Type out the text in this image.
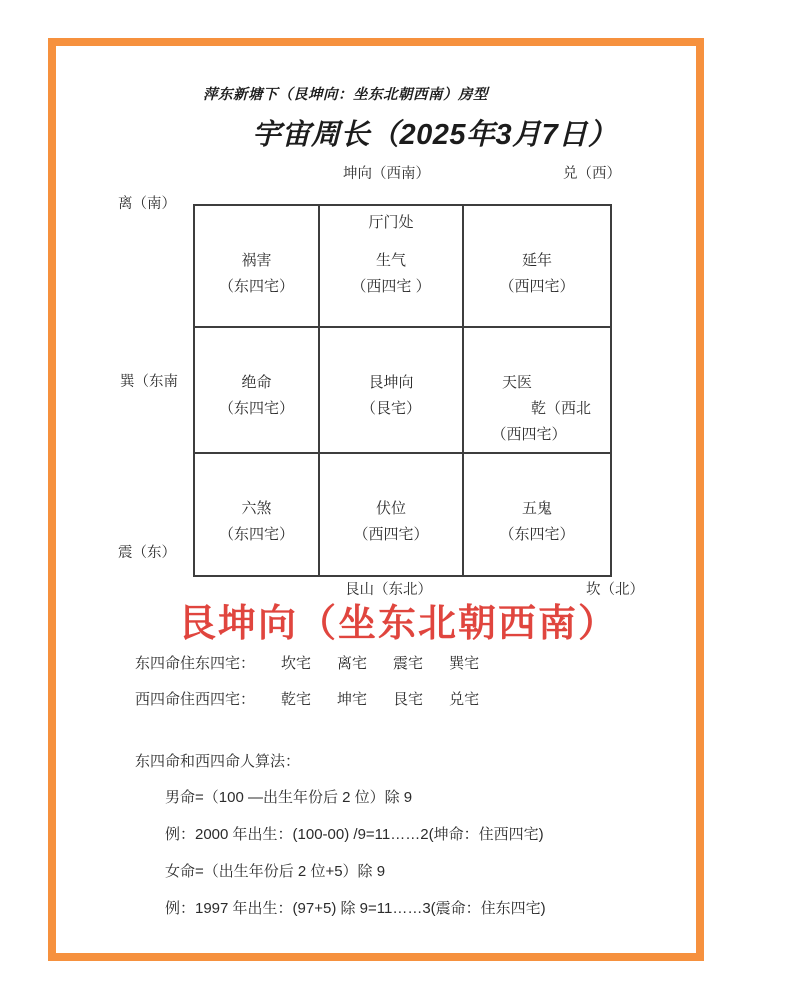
萍东新塘下（艮坤向：坐东北朝西南）房型
宇宙周长（2025年3月7日）
坤向（西南）	兑（西）
离（南）
巽（东南
震（东）
艮山（东北）	坎（北）
祸害
（东四宅）
厅门处
生气
（西四宅 ）
延年
（西四宅）
绝命
（东四宅）
艮坤向
（艮宅）
天医
乾（西北
（西四宅）
六煞
（东四宅）
伏位
（西四宅）
五鬼
（东四宅）
艮坤向（坐东北朝西南）
东四命住东四宅： 坎宅 离宅 震宅 巽宅
西四命住西四宅： 乾宅 坤宅 艮宅 兑宅
东四命和西四命人算法：
男命=（100 —出生年份后 2 位）除 9
例：2000 年出生：(100-00) /9=11……2(坤命：住西四宅)
女命=（出生年份后 2 位+5）除 9
例：1997 年出生：(97+5) 除 9=11……3(震命：住东四宅)
